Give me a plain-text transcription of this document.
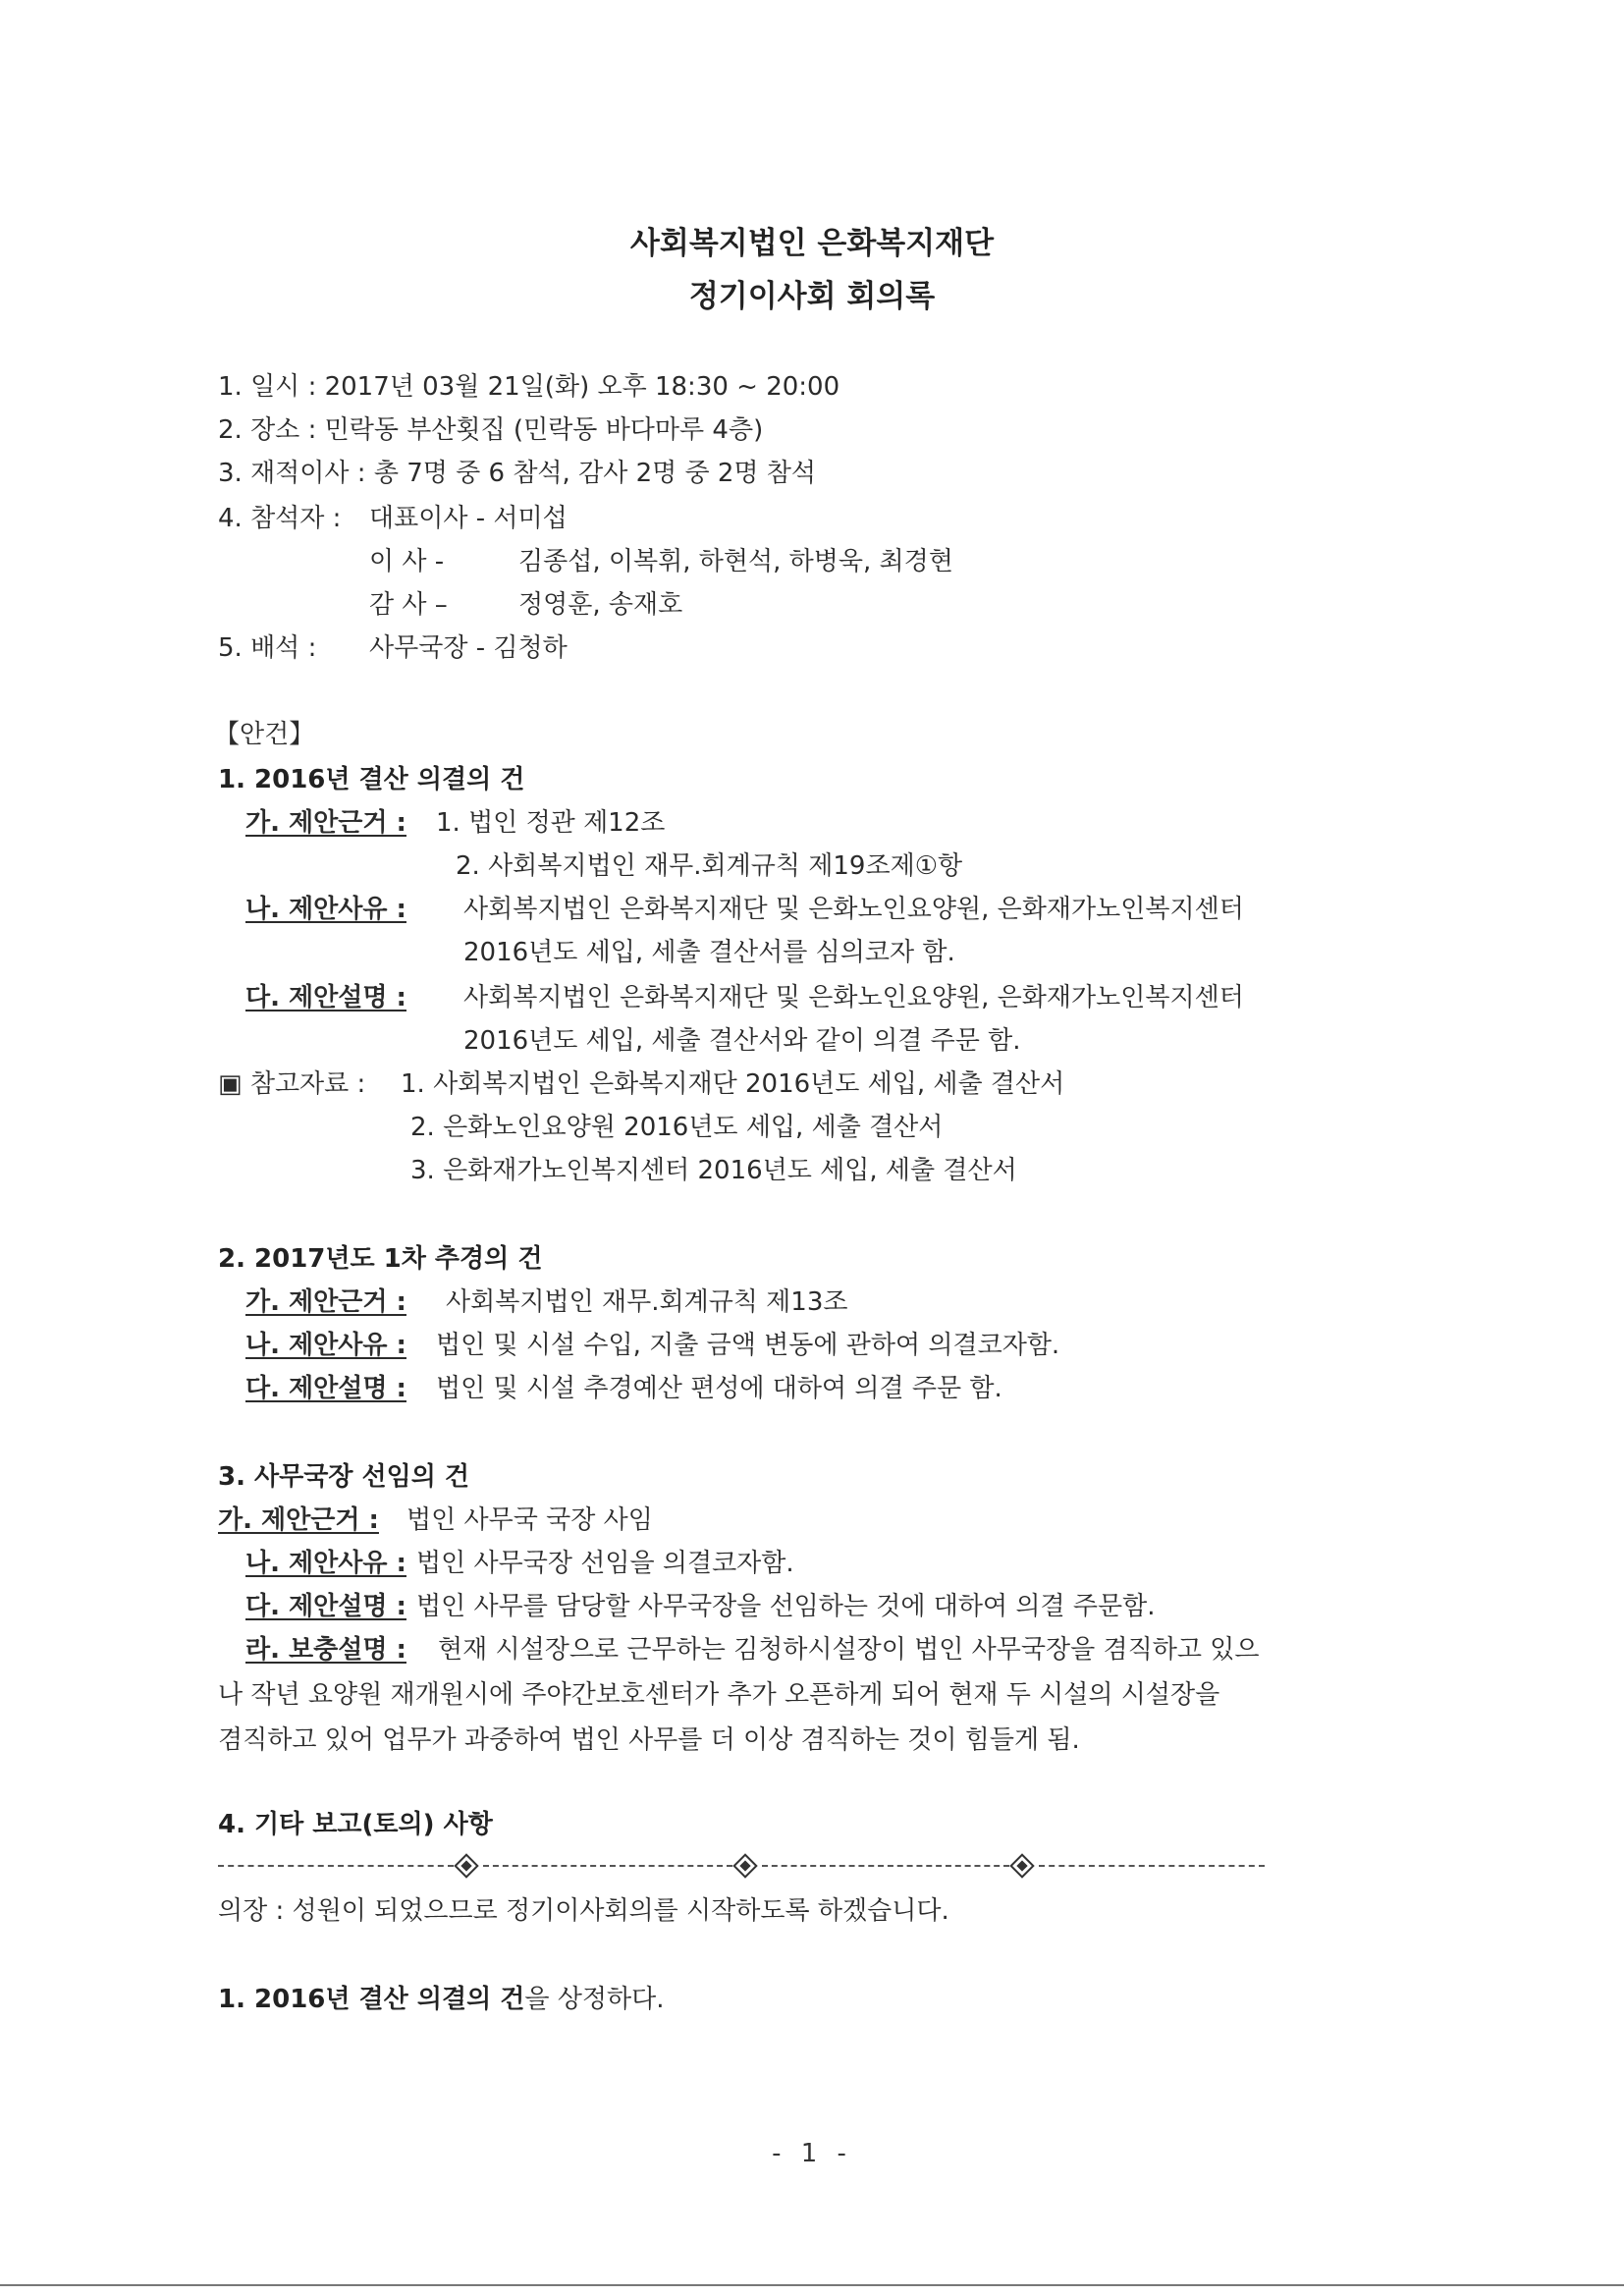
사회복지법인 은화복지재단
정기이사회 회의록
1. 일시 : 2017년 03월 21일(화) 오후 18:30 ~ 20:00
2. 장소 : 민락동 부산횟집 (민락동 바다마루 4층)
3. 재적이사 : 총 7명 중 6 참석, 감사 2명 중 2명 참석
4. 참석자 : 대표이사 - 서미섭
이 사 -	김종섭, 이복휘, 하현석, 하병욱, 최경현
감 사 –	정영훈, 송재호
5. 배석 : 사무국장 - 김청하
【안건】
1. 2016년 결산 의결의 건
가. 제안근거 : 1. 법인 정관 제12조
2. 사회복지법인 재무.회계규칙 제19조제①항
나. 제안사유 : 사회복지법인 은화복지재단 및 은화노인요양원, 은화재가노인복지센터
2016년도 세입, 세출 결산서를 심의코자 함.
다. 제안설명 : 사회복지법인 은화복지재단 및 은화노인요양원, 은화재가노인복지센터
2016년도 세입, 세출 결산서와 같이 의결 주문 함.
▣ 참고자료 : 1. 사회복지법인 은화복지재단 2016년도 세입, 세출 결산서
2. 은화노인요양원 2016년도 세입, 세출 결산서
3. 은화재가노인복지센터 2016년도 세입, 세출 결산서
2. 2017년도 1차 추경의 건
가. 제안근거 : 사회복지법인 재무.회계규칙 제13조
나. 제안사유 : 법인 및 시설 수입, 지출 금액 변동에 관하여 의결코자함.
다. 제안설명 : 법인 및 시설 추경예산 편성에 대하여 의결 주문 함.
3. 사무국장 선임의 건
가. 제안근거 : 법인 사무국 국장 사임
나. 제안사유 : 법인 사무국장 선임을 의결코자함.
다. 제안설명 : 법인 사무를 담당할 사무국장을 선임하는 것에 대하여 의결 주문함.
라. 보충설명 : 현재 시설장으로 근무하는 김청하시설장이 법인 사무국장을 겸직하고 있으
나 작년 요양원 재개원시에 주야간보호센터가 추가 오픈하게 되어 현재 두 시설의 시설장을
겸직하고 있어 업무가 과중하여 법인 사무를 더 이상 겸직하는 것이 힘들게 됨.
4. 기타 보고(토의) 사항
의장 : 성원이 되었으므로 정기이사회의를 시작하도록 하겠습니다.
1. 2016년 결산 의결의 건을 상정하다.
- 1 -
